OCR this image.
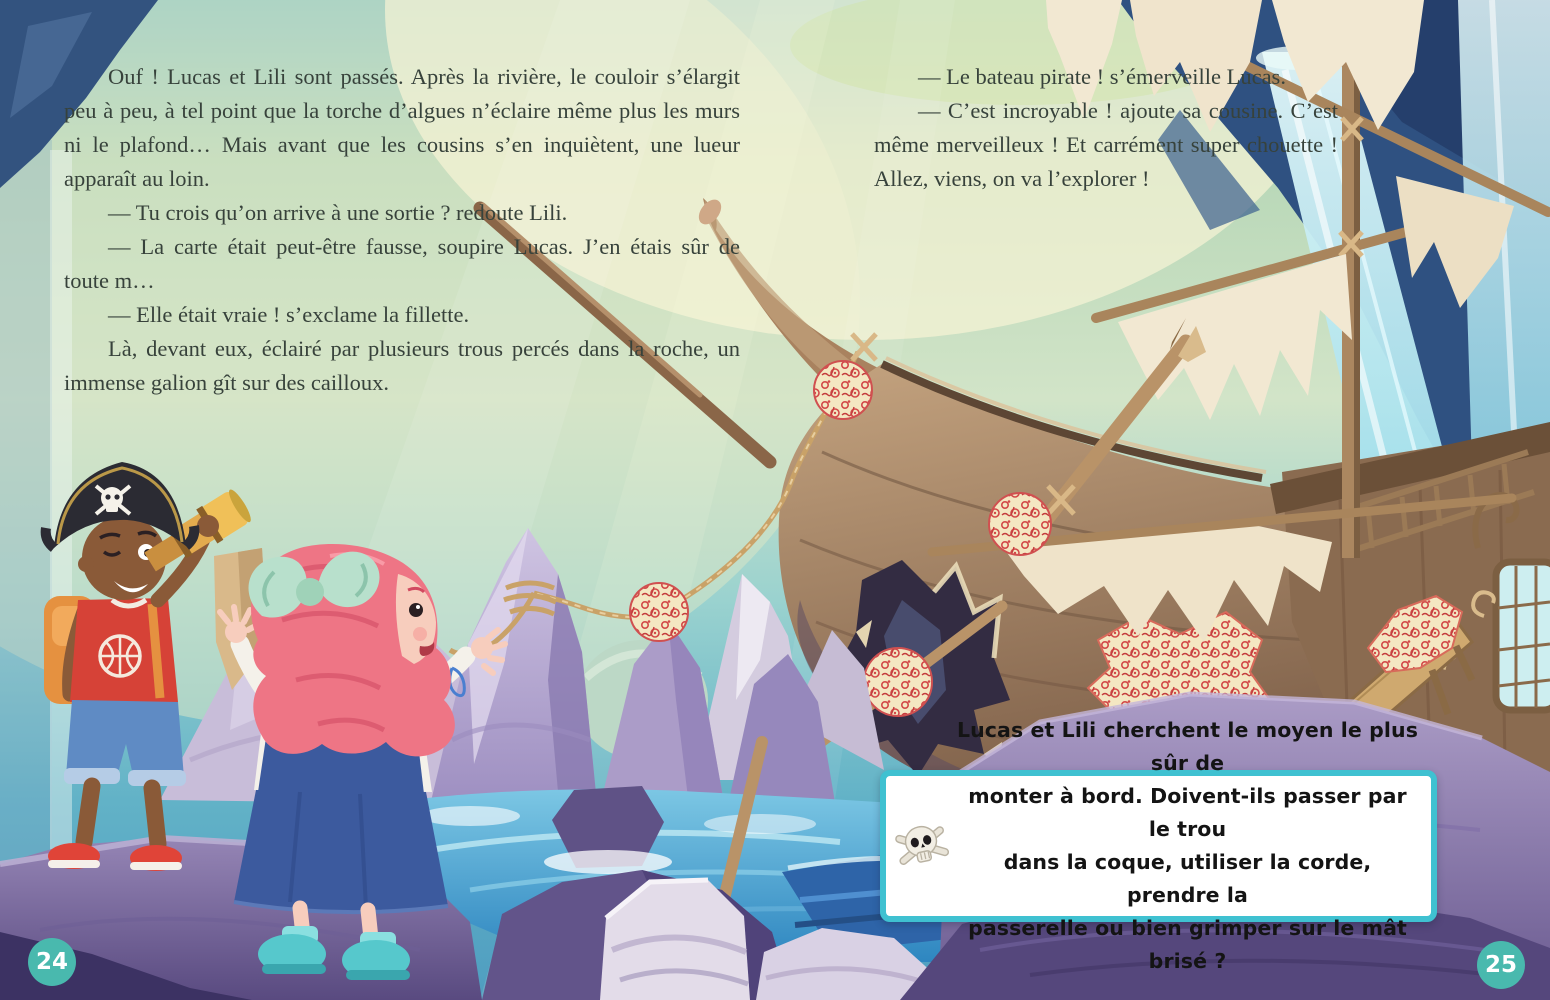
Ouf ! Lucas et Lili sont passés. Après la rivière, le couloir s’élargit peu à peu, à tel point que la torche d’algues n’éclaire même plus les murs ni le plafond… Mais avant que les cousins s’en inquiètent, une lueur apparaît au loin.

— Tu crois qu’on arrive à une sortie ? redoute Lili.

— La carte était peut-être fausse, soupire Lucas. J’en étais sûr de toute m…

— Elle était vraie ! s’exclame la fillette.

Là, devant eux, éclairé par plusieurs trous percés dans la roche, un immense galion gît sur des cailloux.

— Le bateau pirate ! s’émerveille Lucas.

— C’est incroyable ! ajoute sa cousine. C’est même merveilleux ! Et carrément super chouette ! Allez, viens, on va l’explorer !

Lucas et Lili cherchent le moyen le plus sûr de
monter à bord. Doivent-ils passer par le trou
dans la coque, utiliser la corde, prendre la
passerelle ou bien grimper sur le mât brisé ?
24	25
